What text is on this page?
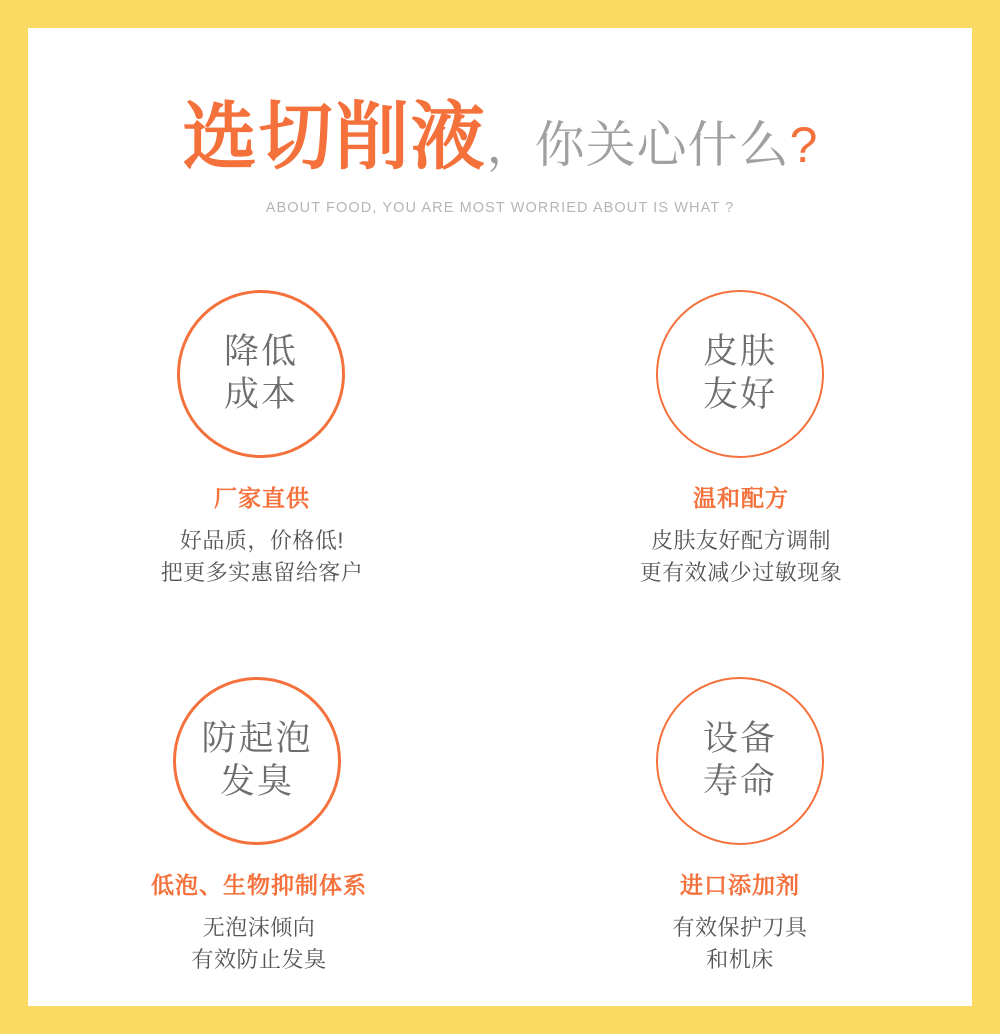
选切削液，你关心什么?
ABOUT FOOD, YOU ARE MOST WORRIED ABOUT IS WHAT ?
降低
成本
厂家直供
好品质，价格低!
把更多实惠留给客户
皮肤
友好
温和配方
皮肤友好配方调制
更有效减少过敏现象
防起泡
发臭
低泡、生物抑制体系
无泡沫倾向
有效防止发臭
设备
寿命
进口添加剂
有效保护刀具
和机床
